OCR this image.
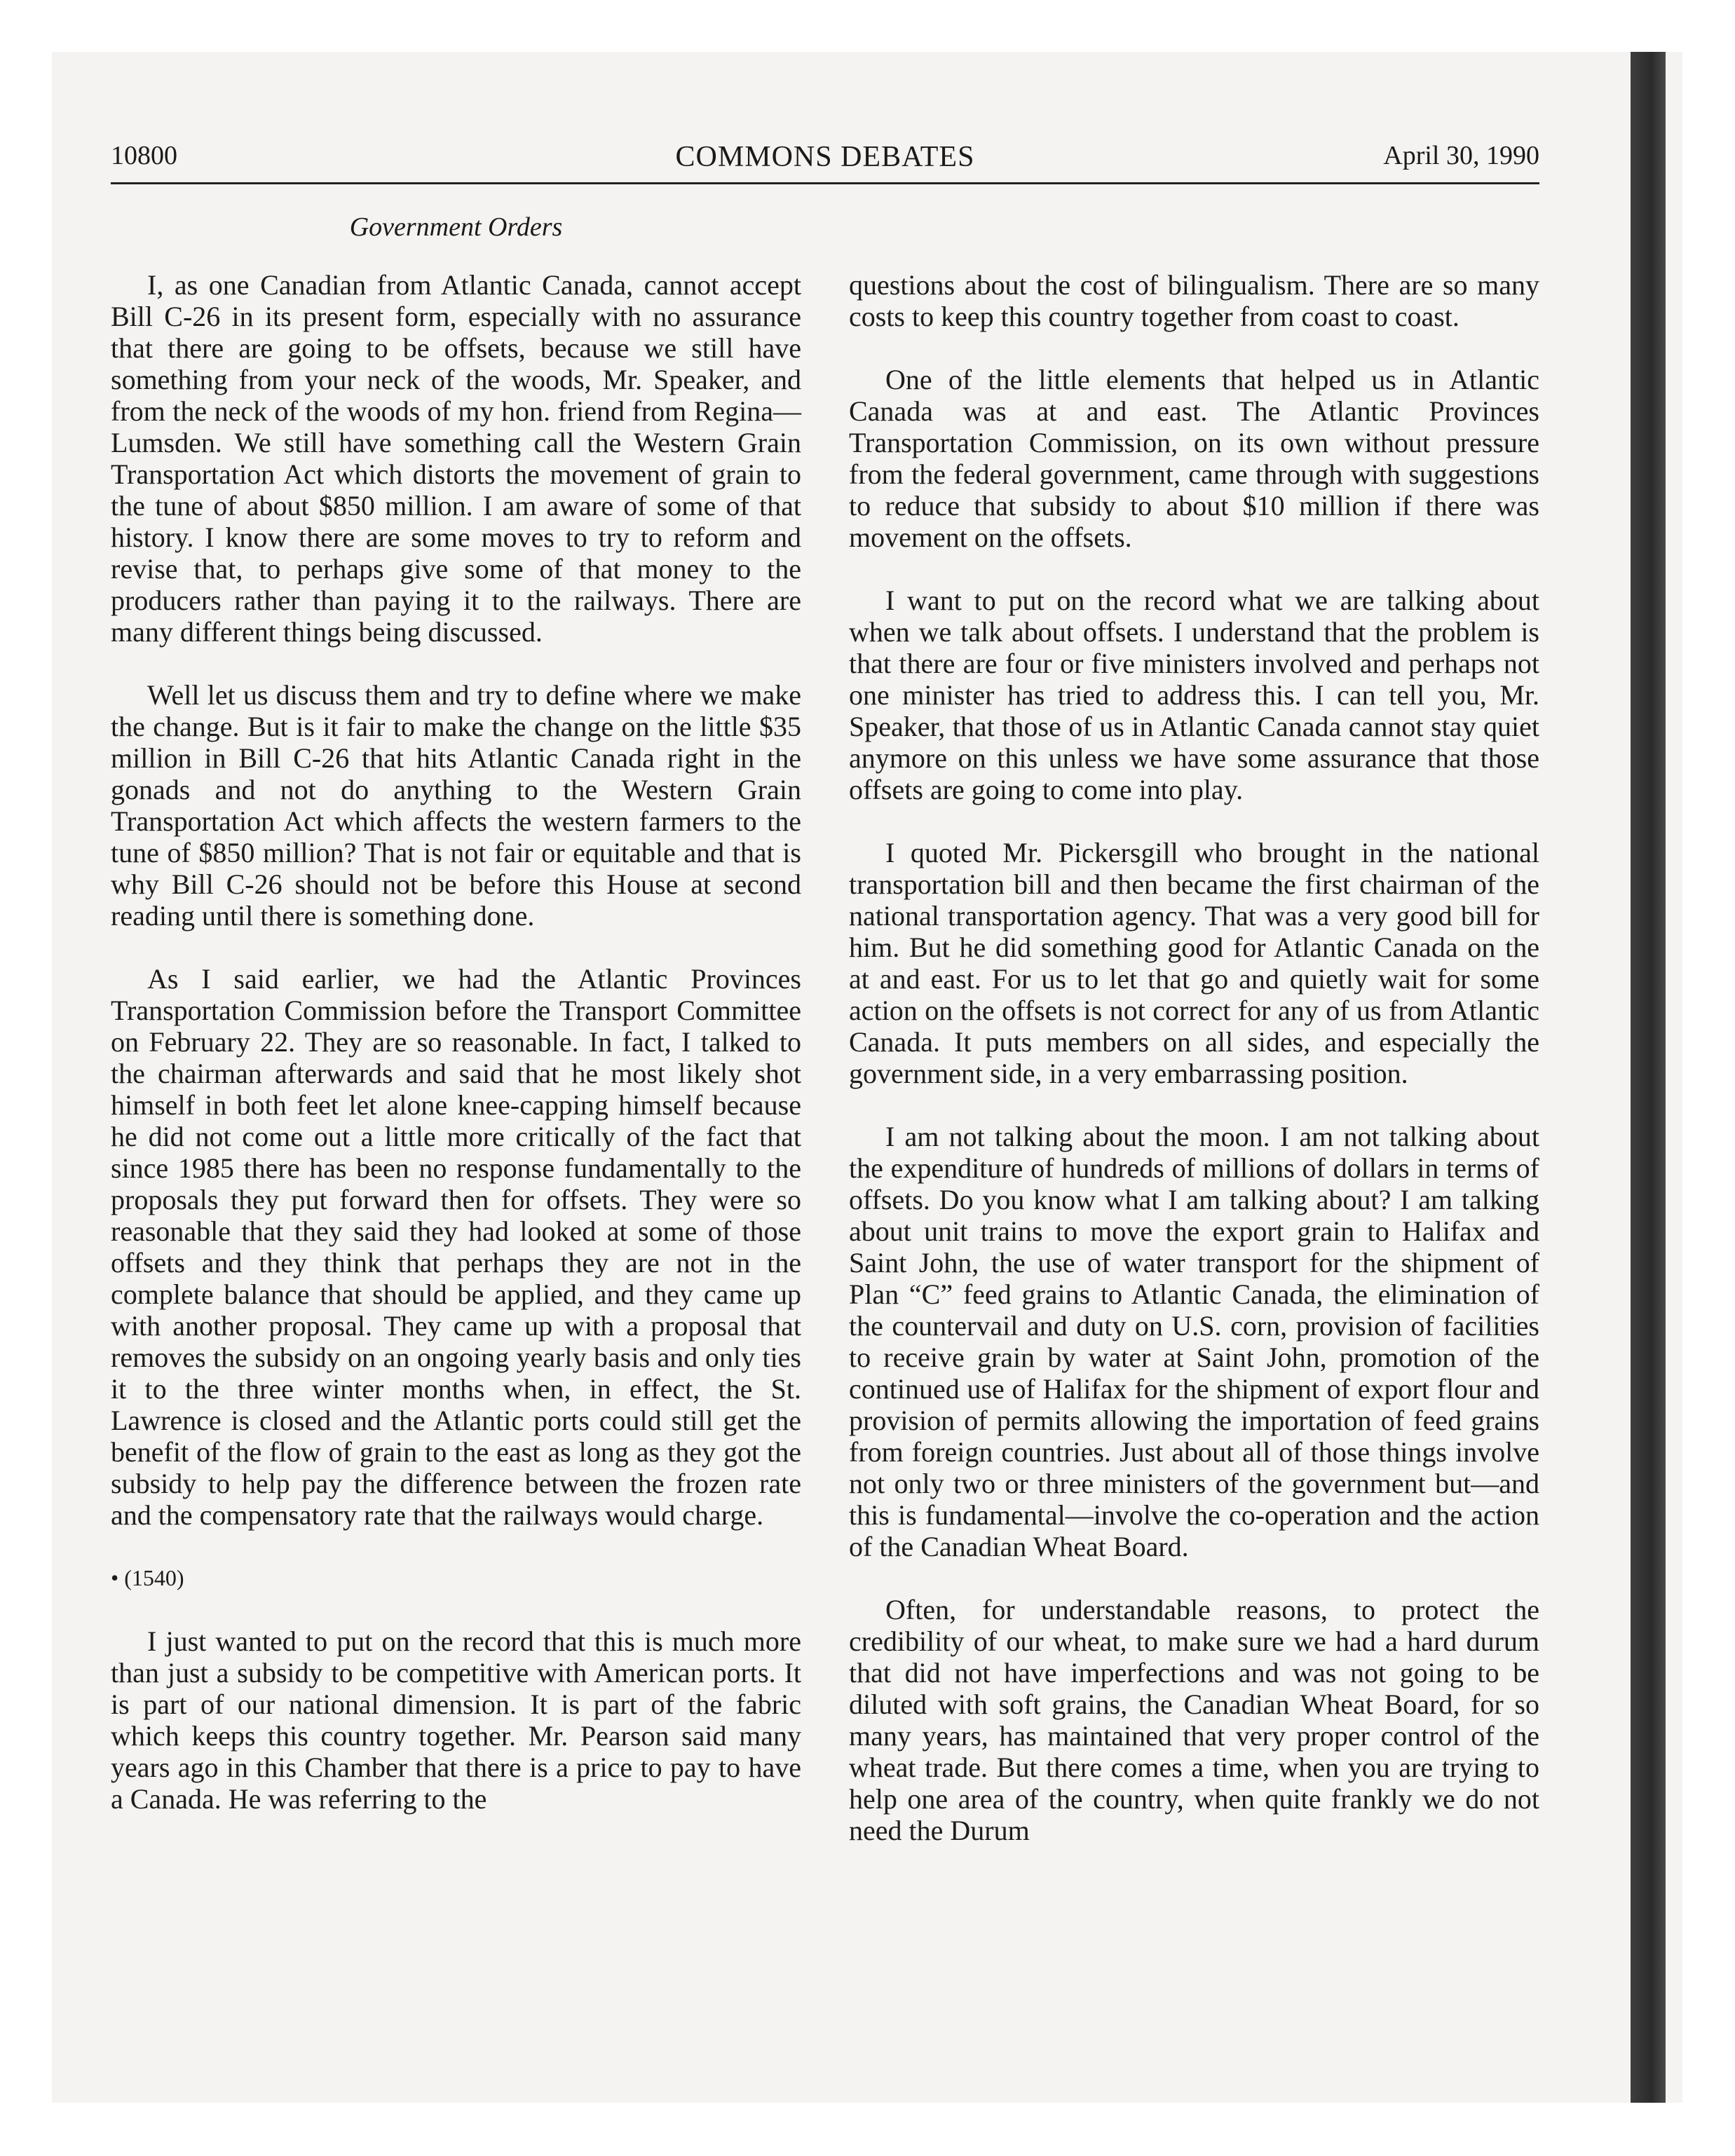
10800	COMMONS DEBATES	April 30, 1990
Government Orders

I, as one Canadian from Atlantic Canada, cannot accept Bill C-26 in its present form, especially with no assurance that there are going to be offsets, because we still have something from your neck of the woods, Mr. Speaker, and from the neck of the woods of my hon. friend from Regina—Lumsden. We still have something call the Western Grain Transportation Act which distorts the movement of grain to the tune of about $850 million. I am aware of some of that history. I know there are some moves to try to reform and revise that, to perhaps give some of that money to the producers rather than paying it to the railways. There are many different things being discussed.

Well let us discuss them and try to define where we make the change. But is it fair to make the change on the little $35 million in Bill C-26 that hits Atlantic Canada right in the gonads and not do anything to the Western Grain Transportation Act which affects the western farmers to the tune of $850 million? That is not fair or equitable and that is why Bill C-26 should not be before this House at second reading until there is something done.

As I said earlier, we had the Atlantic Provinces Transportation Commission before the Transport Committee on February 22. They are so reasonable. In fact, I talked to the chairman afterwards and said that he most likely shot himself in both feet let alone knee-capping himself because he did not come out a little more critically of the fact that since 1985 there has been no response fundamentally to the proposals they put forward then for offsets. They were so reasonable that they said they had looked at some of those offsets and they think that perhaps they are not in the complete balance that should be applied, and they came up with another proposal. They came up with a proposal that removes the subsidy on an ongoing yearly basis and only ties it to the three winter months when, in effect, the St. Lawrence is closed and the Atlantic ports could still get the benefit of the flow of grain to the east as long as they got the subsidy to help pay the difference between the frozen rate and the compensatory rate that the railways would charge.

• (1540)

I just wanted to put on the record that this is much more than just a subsidy to be competitive with American ports. It is part of our national dimension. It is part of the fabric which keeps this country together. Mr. Pearson said many years ago in this Chamber that there is a price to pay to have a Canada. He was referring to the

questions about the cost of bilingualism. There are so many costs to keep this country together from coast to coast.

One of the little elements that helped us in Atlantic Canada was at and east. The Atlantic Provinces Transportation Commission, on its own without pressure from the federal government, came through with suggestions to reduce that subsidy to about $10 million if there was movement on the offsets.

I want to put on the record what we are talking about when we talk about offsets. I understand that the problem is that there are four or five ministers involved and perhaps not one minister has tried to address this. I can tell you, Mr. Speaker, that those of us in Atlantic Canada cannot stay quiet anymore on this unless we have some assurance that those offsets are going to come into play.

I quoted Mr. Pickersgill who brought in the national transportation bill and then became the first chairman of the national transportation agency. That was a very good bill for him. But he did something good for Atlantic Canada on the at and east. For us to let that go and quietly wait for some action on the offsets is not correct for any of us from Atlantic Canada. It puts members on all sides, and especially the government side, in a very embarrassing position.

I am not talking about the moon. I am not talking about the expenditure of hundreds of millions of dollars in terms of offsets. Do you know what I am talking about? I am talking about unit trains to move the export grain to Halifax and Saint John, the use of water transport for the shipment of Plan “C” feed grains to Atlantic Canada, the elimination of the countervail and duty on U.S. corn, provision of facilities to receive grain by water at Saint John, promotion of the continued use of Halifax for the shipment of export flour and provision of permits allowing the importation of feed grains from foreign countries. Just about all of those things involve not only two or three ministers of the government but—and this is fundamental—involve the co-operation and the action of the Canadian Wheat Board.

Often, for understandable reasons, to protect the credibility of our wheat, to make sure we had a hard durum that did not have imperfections and was not going to be diluted with soft grains, the Canadian Wheat Board, for so many years, has maintained that very proper control of the wheat trade. But there comes a time, when you are trying to help one area of the country, when quite frankly we do not need the Durum
